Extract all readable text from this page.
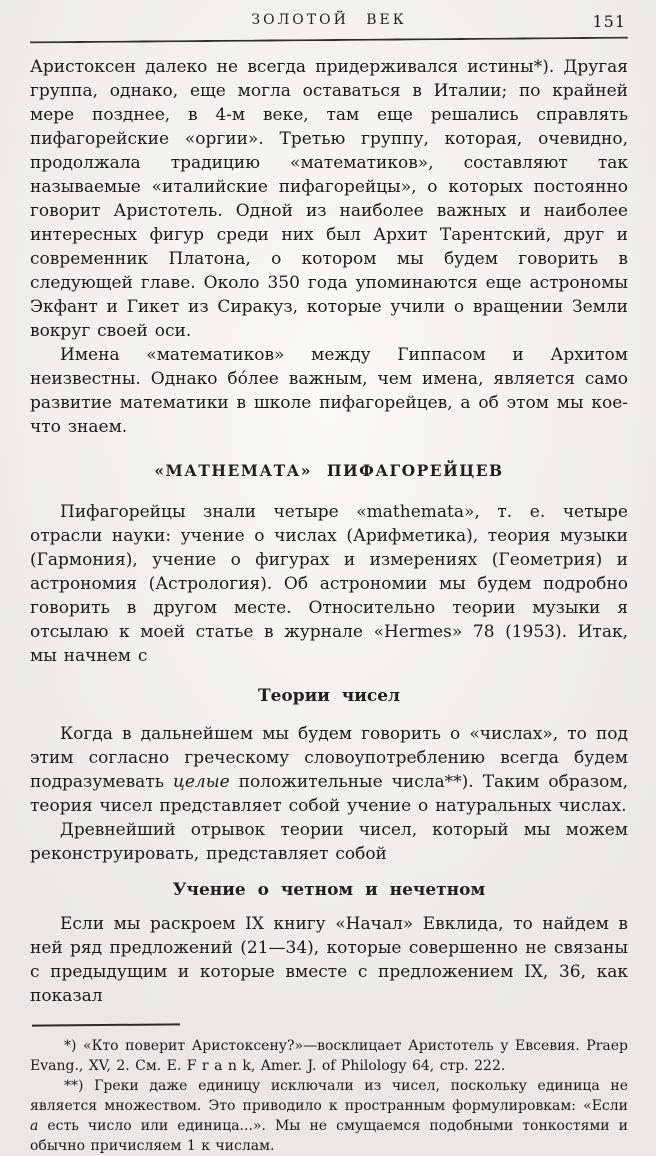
ЗОЛОТОЙ ВЕК	151

Аристоксен далеко не всегда придерживался истины*). Другая группа, однако, еще могла оставаться в Италии; по крайней мере позднее, в 4-м веке, там еще решались справлять пифагорейские «оргии». Третью группу, которая, очевидно, продолжала традицию «математиков», составляют так называемые «италийские пифагорейцы», о которых постоянно говорит Аристотель. Одной из наиболее важных и наиболее интересных фигур среди них был Архит Тарентский, друг и современник Платона, о котором мы будем говорить в следующей главе. Около 350 года упоминаются еще астрономы Экфант и Гикет из Сиракуз, которые учили о вращении Земли вокруг своей оси.

Имена «математиков» между Гиппасом и Архитом неизвестны. Однако бо́лее важным, чем имена, является само развитие математики в школе пифагорейцев, а об этом мы кое-что знаем.

«МАТНЕМАТА» ПИФАГОРЕЙЦЕВ

Пифагорейцы знали четыре «mathemata», т. е. четыре отрасли науки: учение о числах (Арифметика), теория музыки (Гармония), учение о фигурах и измерениях (Геометрия) и астрономия (Астрология). Об астрономии мы будем подробно говорить в другом месте. Относительно теории музыки я отсылаю к моей статье в журнале «Hermes» 78 (1953). Итак, мы начнем с

Теории чисел

Когда в дальнейшем мы будем говорить о «числах», то под этим согласно греческому словоупотреблению всегда будем подразумевать целые положительные числа**). Таким образом, теория чисел представляет собой учение о натуральных числах.

Древнейший отрывок теории чисел, который мы можем реконструировать, представляет собой

Учение о четном и нечетном

Если мы раскроем IX книгу «Начал» Евклида, то найдем в ней ряд предложений (21—34), которые совершенно не связаны с предыдущим и которые вместе с предложением IX, 36, как показал

*) «Кто поверит Аристоксену?»—восклицает Аристотель у Евсевия. Praep Evang., XV, 2. См. Е. F r a n k, Amer. J. of Philology 64, стр. 222.

**) Греки даже единицу исключали из чисел, поскольку единица не является множеством. Это приводило к пространным формулировкам: «Если а есть число или единица...». Мы не смущаемся подобными тонкостями и обычно причисляем 1 к числам.
